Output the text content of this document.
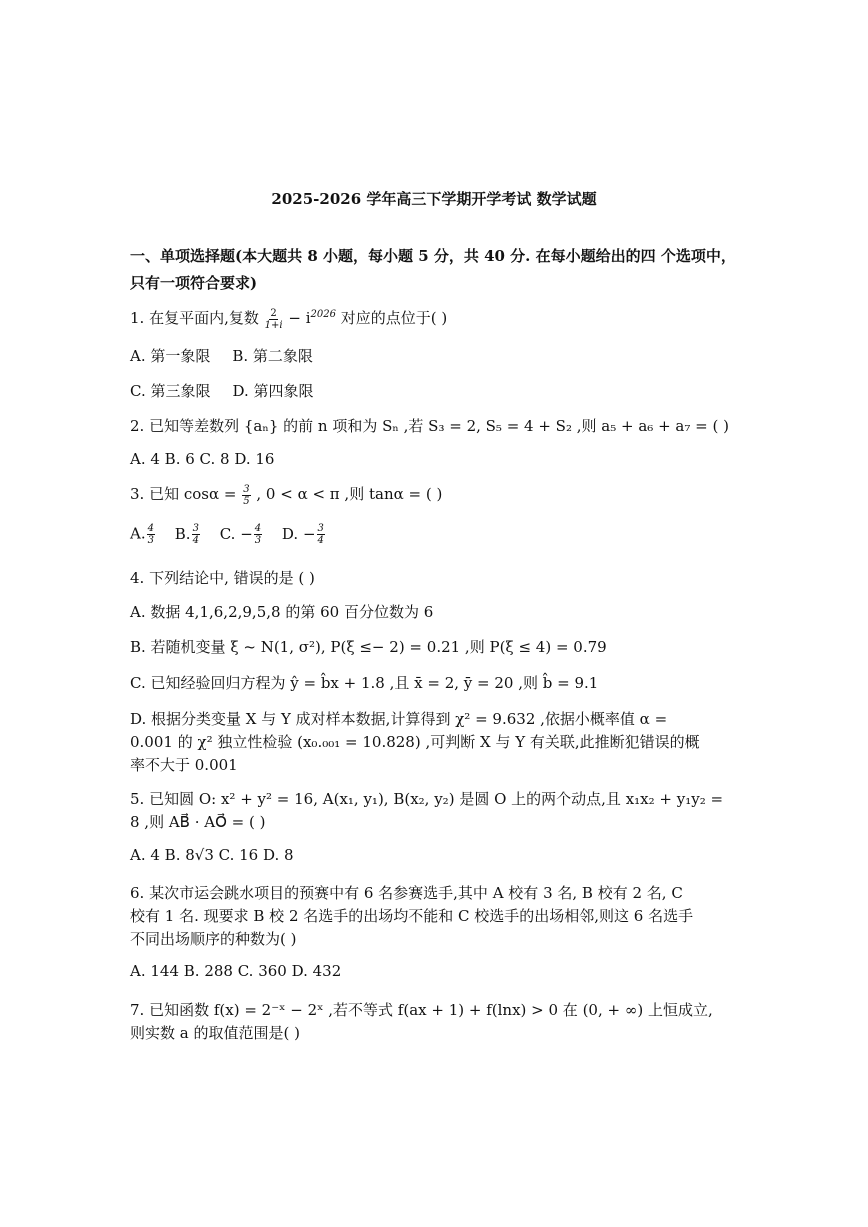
2025-2026 学年高三下学期开学考试 数学试题
一、单项选择题(本大题共 8 小题，每小题 5 分，共 40 分. 在每小题给出的四 个选项中，只有一项符合要求)
1. 在复平面内,复数 $\frac{2}{1+i} - i^{2026}$ 对应的点位于( )
A. 第一象限 B. 第二象限
C. 第三象限 D. 第四象限
2. 已知等差数列 {aₙ} 的前 n 项和为 Sₙ ,若 S₃ = 2, S₅ = 4 + S₂ ,则 a₅ + a₆ + a₇ = ( )
A. 4 B. 6 C. 8 D. 16
3. 已知 $\cos\alpha = \frac{3}{5}$ , 0 < α < π ,则 tanα = ( )
A. $\frac{4}{3} B$. $\frac{3}{4} C$. − $\frac{4}{3} D$. − $\frac{3}{4}$
4. 下列结论中, 错误的是 ( )
A. 数据 4,1,6,2,9,5,8 的第 60 百分位数为 6
B. 若随机变量 ξ ~ N(1, σ²), P(ξ ≤− 2) = 0.21 ,则 P(ξ ≤ 4) = 0.79
C. 已知经验回归方程为 ŷ = b̂x + 1.8 ,且 x̄ = 2, ȳ = 20 ,则 b̂ = 9.1
D. 根据分类变量 X 与 Y 成对样本数据,计算得到 χ² = 9.632 ,依据小概率值 α =
0.001 的 χ² 独立性检验 (x₀.₀₀₁ = 10.828) ,可判断 X 与 Y 有关联,此推断犯错误的概
率不大于 0.001
5. 已知圆 O: x² + y² = 16, A(x₁, y₁), B(x₂, y₂) 是圆 O 上的两个动点,且 x₁x₂ + y₁y₂ =
8 ,则 AB⃗ · AO⃗ = ( )
A. 4 B. 8√3 C. 16 D. 8
6. 某次市运会跳水项目的预赛中有 6 名参赛选手,其中 A 校有 3 名, B 校有 2 名, C
校有 1 名. 现要求 B 校 2 名选手的出场均不能和 C 校选手的出场相邻,则这 6 名选手
不同出场顺序的种数为( )
A. 144 B. 288 C. 360 D. 432
7. 已知函数 f(x) = 2⁻ˣ − 2ˣ ,若不等式 f(ax + 1) + f(lnx) > 0 在 (0, + ∞) 上恒成立,
则实数 a 的取值范围是( )
